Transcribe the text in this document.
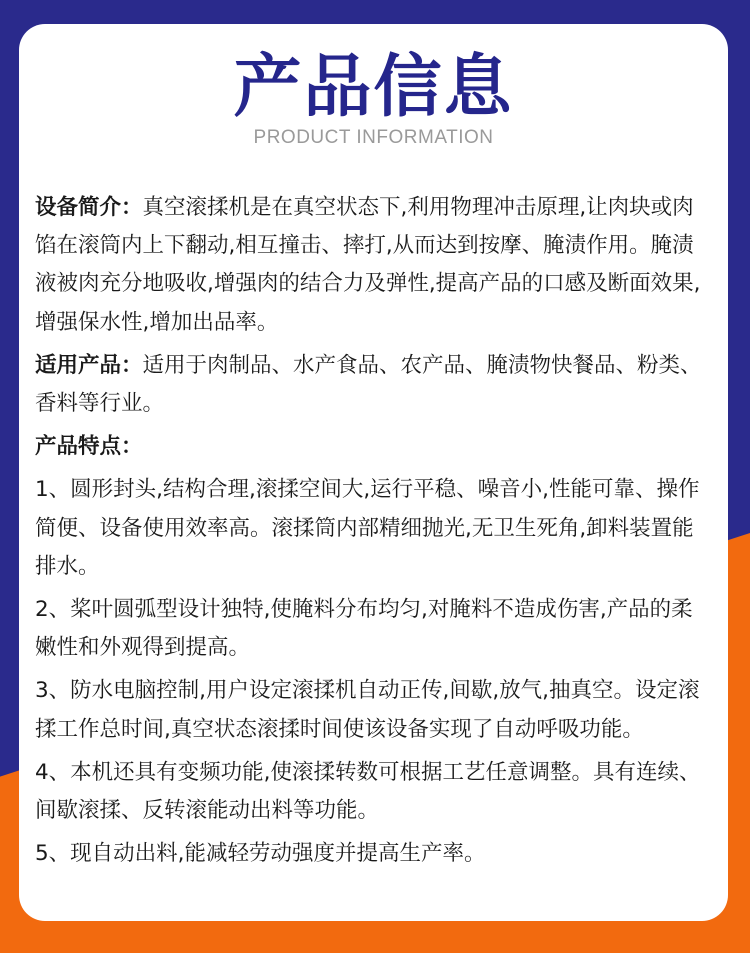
产品信息
PRODUCT INFORMATION

设备简介：真空滚揉机是在真空状态下,利用物理冲击原理,让肉块或肉馅在滚筒内上下翻动,相互撞击、摔打,从而达到按摩、腌渍作用。腌渍液被肉充分地吸收,增强肉的结合力及弹性,提高产品的口感及断面效果,增强保水性,增加出品率。

适用产品：适用于肉制品、水产食品、农产品、腌渍物快餐品、粉类、香料等行业。

产品特点：

1、圆形封头,结构合理,滚揉空间大,运行平稳、噪音小,性能可靠、操作简便、设备使用效率高。滚揉筒内部精细抛光,无卫生死角,卸料装置能排水。

2、桨叶圆弧型设计独特,使腌料分布均匀,对腌料不造成伤害,产品的柔嫩性和外观得到提高。

3、防水电脑控制,用户设定滚揉机自动正传,间歇,放气,抽真空。设定滚揉工作总时间,真空状态滚揉时间使该设备实现了自动呼吸功能。

4、本机还具有变频功能,使滚揉转数可根据工艺任意调整。具有连续、间歇滚揉、反转滚能动出料等功能。

5、现自动出料,能减轻劳动强度并提高生产率。
